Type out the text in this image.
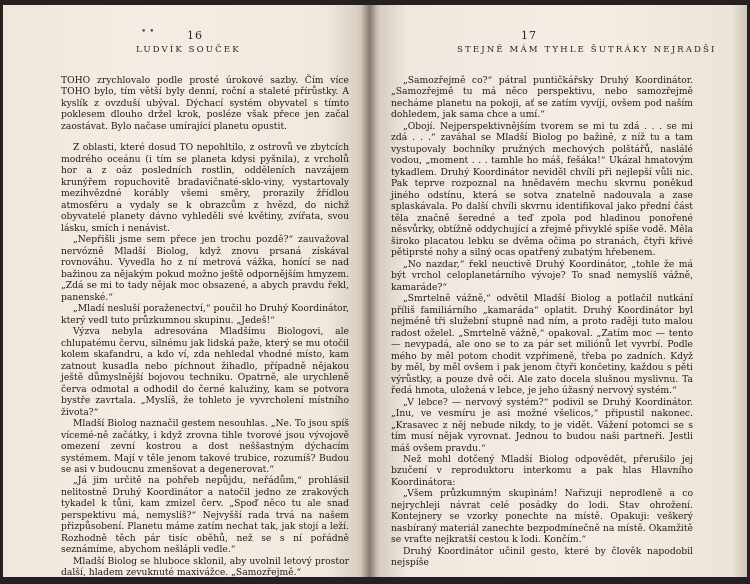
• •	16
LUDVÍK SOUČEK

TOHO zrychlovalo podle prosté úrokové sazby. Čím více TOHO bylo, tím větší byly denní, roční a staleté přírůstky. A kyslík z ovzduší ubýval. Dýchací systém obyvatel s tímto poklesem dlouho držel krok, posléze však přece jen začal zaostávat. Bylo načase umírající planetu opustit.

Z oblasti, které dosud TO nepohltilo, z ostrovů ve zbytcích modrého oceánu (i tím se planeta kdysi pyšnila), z vrcholů hor a z oáz posledních rostlin, odděleních navzájem krunýřem ropuchovitě bradavičnaté-sklo-viny, vystartovaly mezihvězdné korábly všemi směry, prorazily žřídlou atmosféru a vydaly se k obrazcům z hvězd, do nichž obyvatelé planety dávno vyhleděli své květiny, zvířata, svou lásku, smích i nenávist.

„Nepřišli jsme sem přece jen trochu pozdě?“ zauvažoval nervózně Mladší Biolog, když znovu prsaná získával rovnováhu. Vyvedla ho z ní metrová vážka, honící se nad bažinou za nějakým pokud možno ještě odpornějším hmyzem. „Zdá se mi to tady nějak moc obsazené, a abych pravdu řekl, panenské.“

„Mladí nesluší poraženectví,“ poučil ho Druhý Koordinátor, který vedl tuto průzkumnou skupinu. „Jedeš!“

Výzva nebyla adresována Mladšímu Biologovi, ale chlupatému červu, silnému jak lidská paže, který se mu otočil kolem skafandru, a kdo ví, zda nehledal vhodné místo, kam zatnout kusadla nebo píchnout žihadlo, případně nějakou ještě důmyslnější bojovou techniku. Opatrně, ale urychleně červa odmotal a odhodil do černé kaluźiny, kam se potvora bystře zavrtala. „Myslíš, že tohleto je vyvrcholení místního života?“

Mladší Biolog naznačil gestem nesouhlas. „Ne. To jsou spíš vícemé-ně začátky, i když zrovna tihle tvorové jsou vývojově omezení zevní kostrou a dost neššastným dýchacím systémem. Mají v těle jenom takové trubice, rozumíš? Budou se asi v budoucnu zmenšovat a degenerovat.“

„Já jim určitě na pohřeb nepůjdu, neřádům,“ prohlásil nelitostně Druhý Koordinátor a natočil jedno ze zrakových tykadel k tůni, kam zmizel červ. „Spoď něco tu ale snad perspektivu má, nemyslíš?“ Nejvyšší rada trvá na našem přizpůsobení. Planetu máme zatím nechat tak, jak stojí a leží. Rozhodně těch pár tisíc oběhů, než se s ní pořádně seznámíme, abychom nešlápli vedle.“

Mladší Biolog se hluboce sklonil, aby uvolnil letový prostor další, hladem zevuknuté maxivážce. „Samozřejmě.“

17
STEJNĚ MÁM TYHLE ŠUTRÁKY NEJRADŠI

„Samozřejmě co?“ pátral puntičkářsky Druhý Koordinátor. „Samozřejmě tu má něco perspektivu, nebo samozřejmě necháme planetu na pokoji, ať se zatím vyvíjí, ovšem pod naším dohledem, jak sama chce a umí.“

„Obojí. Nejperspektivnějším tvorem se mi tu zdá . . . se mi zdá . . .“ zaváhal se Mladší Biolog po bažině, z níž tu a tam vystupovaly bochníky pružných mechových polštářů, naslálé vodou, „moment . . . tamhle ho máš, fešáka!“ Ukázal hmatovým tykadlem. Druhý Koordinátor neviděl chvíli při nejlepší vůli nic. Pak teprve rozpoznal na hnědavém mechu skvrnu poněkud jiného odstínu, která se sotva znatelně nadouvala a zase splaskávala. Po další chvíli skvrnu identifikoval jako přední část těla značně šeredné a teď zpola pod hladinou ponořené něsvůrky, obtížně oddychující a zřejmě přivyklé spíše vodě. Měla široko placatou lebku se dvěma očima po stranách, čtyři křivé pětiprsté nohy a silný ocas opatřený zubatým hřebenem.

„No nazdar,“ řekl neuctivě Druhý Koordinátor, „tohle že má být vrchol celoplanetárního vývoje? To snad nemyslíš vážně, kamaráde?“

„Smrtelně vážně,“ odvětil Mladší Biolog a potlačil nutkání příliš familiárního „kamaráda“ oplatit. Druhý Koordinátor byl nejméně tři služební stupně nad ním, a proto raději tuto malou radost oželel. „Smrtelně vážně,“ opakoval. „Zatím moc — tento — nevypadá, ale ono se to za pár set miliónů let vyvrbí. Podle mého by měl potom chodit vzpřímeně, třeba po zadních. Když by měl, by měl ovšem i pak jenom čtyři končetiny, každou s pěti výrůstky, a pouze dvě oči. Ale zato docela slušnou myslivnu. Ta ředá hmota, uložená v lebce, je jeho úžasný nervový systém.“

„V lebce? — nervový systém?“ podivil se Druhý Koordinátor. „Inu, ve vesmíru je asi možné všelicos,“ připustil nakonec. „Krasavec z něj nebude nikdy, to je vidět. Vážení potomci se s tím musí nějak vyrovnat. Jednou to budou naši partneři. Jestli máš ovšem pravdu.“

Než mohl dotčený Mladší Biolog odpovědět, přerušilo jej bzučení v reproduktoru interkomu a pak hlas Hlavního Koordinátora:

„Všem průzkumným skupinám! Nařizuji neprodleně a co nejrychleji návrat celé posádky do lodi. Stav ohrožení. Kontejnery se vzorky ponechte na místě. Opakuji: veškerý nasbíraný materiál zanechte bezpodmínečně na místě. Okamžitě se vraťte nejkratší cestou k lodi. Končím.“

Druhý Koordinátor učinil gesto, které by člověk napodobil nejspíše
